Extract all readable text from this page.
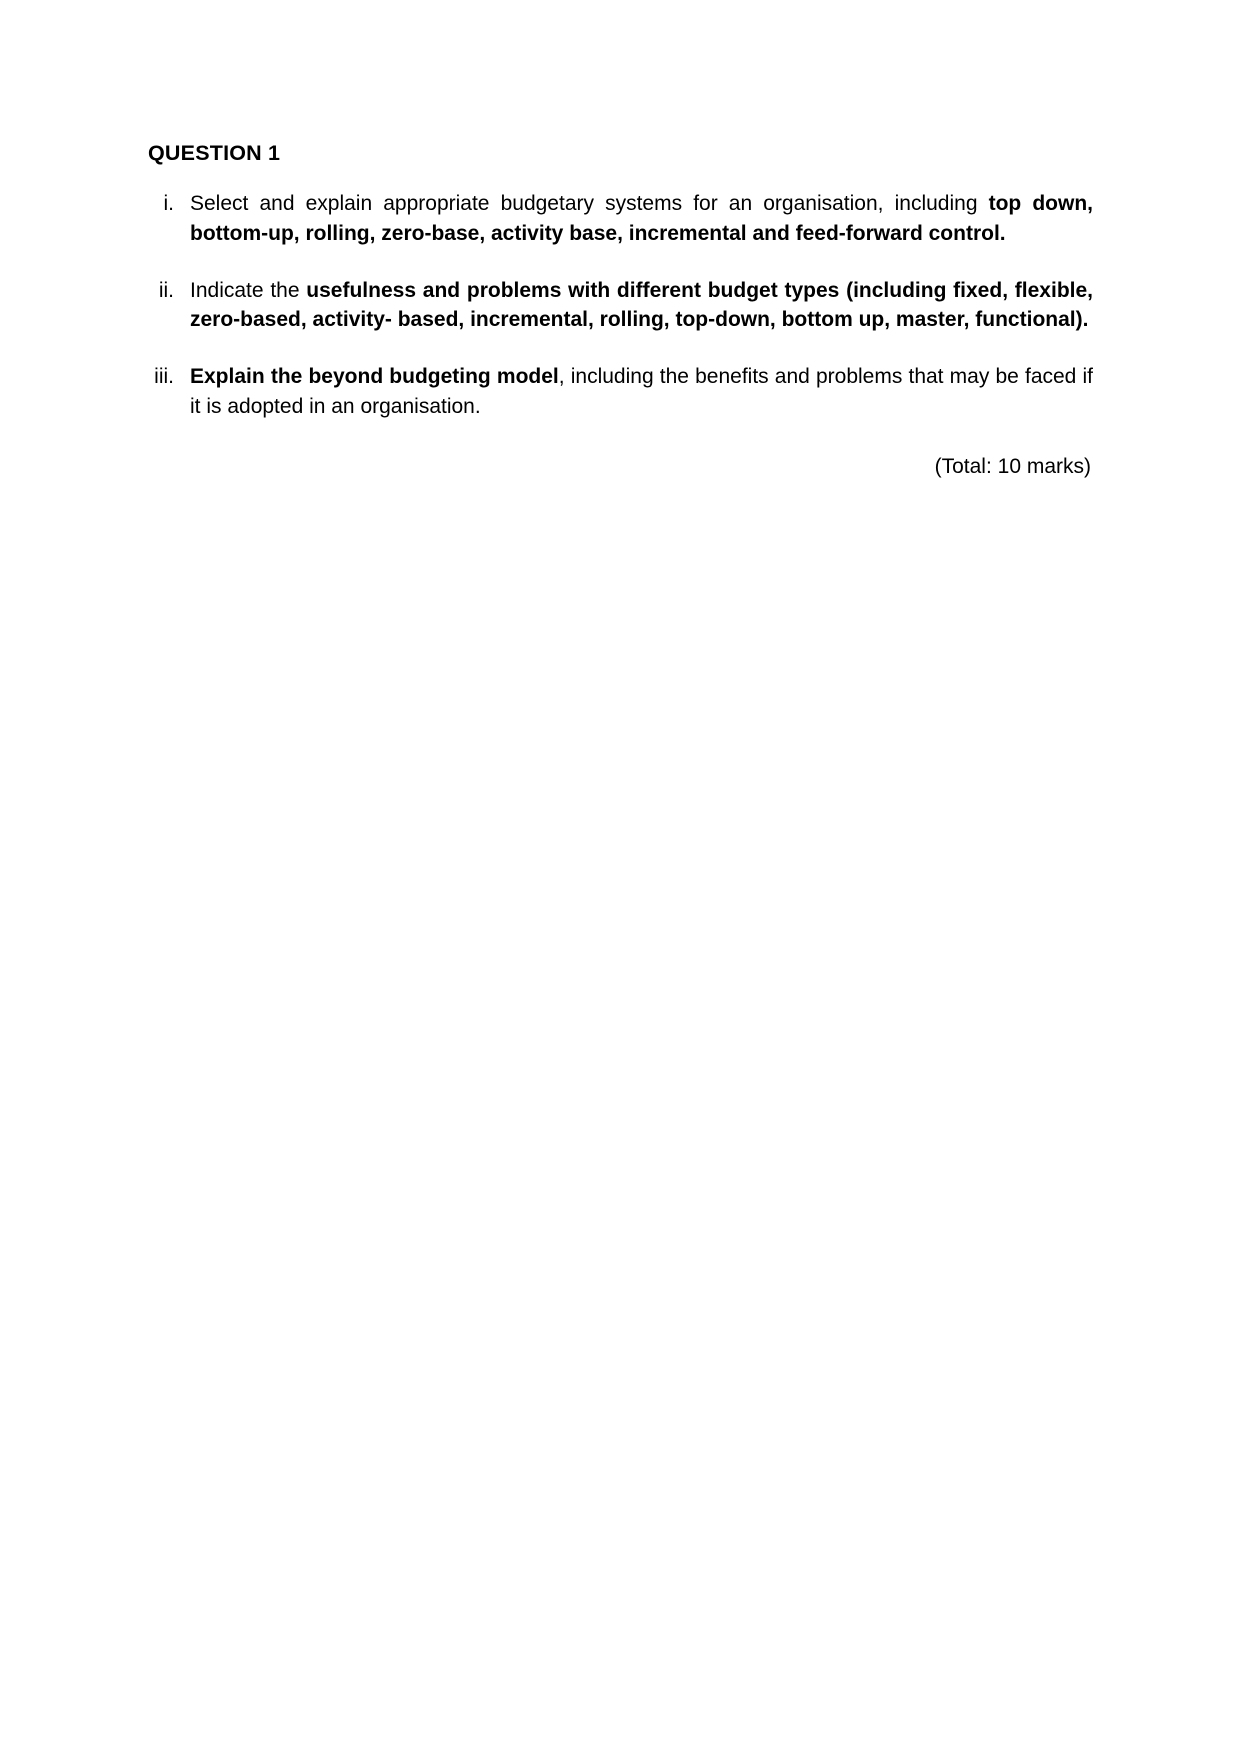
QUESTION 1
i. Select and explain appropriate budgetary systems for an organisation, including top down, bottom-up, rolling, zero-base, activity base, incremental and feed-forward control.
ii. Indicate the usefulness and problems with different budget types (including fixed, flexible, zero-based, activity- based, incremental, rolling, top-down, bottom up, master, functional).
iii. Explain the beyond budgeting model, including the benefits and problems that may be faced if it is adopted in an organisation.
(Total: 10 marks)
